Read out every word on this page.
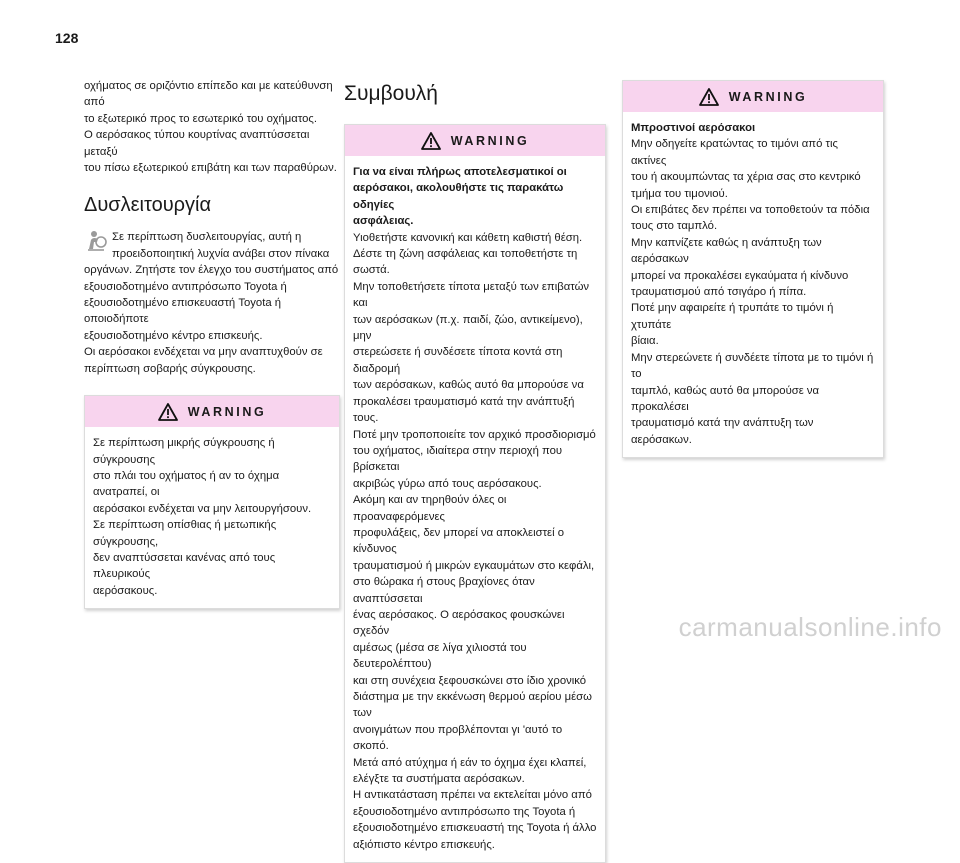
128

οχήματος σε οριζόντιο επίπεδο και με κατεύθυνση από
το εξωτερικό προς το εσωτερικό του οχήματος.
Ο αερόσακος τύπου κουρτίνας αναπτύσσεται μεταξύ
του πίσω εξωτερικού επιβάτη και των παραθύρων.

Δυσλειτουργία
Σε περίπτωση δυσλειτουργίας, αυτή η
προειδοποιητική λυχνία ανάβει στον πίνακα

οργάνων. Ζητήστε τον έλεγχο του συστήματος από
εξουσιοδοτημένο αντιπρόσωπο Toyota ή
εξουσιοδοτημένο επισκευαστή Toyota ή οποιοδήποτε
εξουσιοδοτημένο κέντρο επισκευής.
Οι αερόσακοι ενδέχεται να μην αναπτυχθούν σε
περίπτωση σοβαρής σύγκρουσης.

WARNING
Σε περίπτωση μικρής σύγκρουσης ή σύγκρουσης
στο πλάι του οχήματος ή αν το όχημα ανατραπεί, οι
αερόσακοι ενδέχεται να μην λειτουργήσουν.
Σε περίπτωση οπίσθιας ή μετωπικής σύγκρουσης,
δεν αναπτύσσεται κανένας από τους πλευρικούς
αερόσακους.
Συμβουλή
WARNING
Για να είναι πλήρως αποτελεσματικοί οι
αερόσακοι, ακολουθήστε τις παρακάτω οδηγίες
ασφάλειας.
Υιοθετήστε κανονική και κάθετη καθιστή θέση.
Δέστε τη ζώνη ασφάλειας και τοποθετήστε τη
σωστά.
Μην τοποθετήσετε τίποτα μεταξύ των επιβατών και
των αερόσακων (π.χ. παιδί, ζώο, αντικείμενο), μην
στερεώσετε ή συνδέσετε τίποτα κοντά στη διαδρομή
των αερόσακων, καθώς αυτό θα μπορούσε να
προκαλέσει τραυματισμό κατά την ανάπτυξή τους.
Ποτέ μην τροποποιείτε τον αρχικό προσδιορισμό
του οχήματος, ιδιαίτερα στην περιοχή που βρίσκεται
ακριβώς γύρω από τους αερόσακους.
Ακόμη και αν τηρηθούν όλες οι προαναφερόμενες
προφυλάξεις, δεν μπορεί να αποκλειστεί ο κίνδυνος
τραυματισμού ή μικρών εγκαυμάτων στο κεφάλι,
στο θώρακα ή στους βραχίονες όταν αναπτύσσεται
ένας αερόσακος. Ο αερόσακος φουσκώνει σχεδόν
αμέσως (μέσα σε λίγα χιλιοστά του δευτερολέπτου)
και στη συνέχεια ξεφουσκώνει στο ίδιο χρονικό
διάστημα με την εκκένωση θερμού αερίου μέσω των
ανοιγμάτων που προβλέπονται γι 'αυτό το σκοπό.
Μετά από ατύχημα ή εάν το όχημα έχει κλαπεί,
ελέγξτε τα συστήματα αερόσακων.
Η αντικατάσταση πρέπει να εκτελείται μόνο από
εξουσιοδοτημένο αντιπρόσωπο της Toyota ή
εξουσιοδοτημένο επισκευαστή της Toyota ή άλλο
αξιόπιστο κέντρο επισκευής.
WARNING
Μπροστινοί αερόσακοι
Μην οδηγείτε κρατώντας το τιμόνι από τις ακτίνες
του ή ακουμπώντας τα χέρια σας στο κεντρικό
τμήμα του τιμονιού.
Οι επιβάτες δεν πρέπει να τοποθετούν τα πόδια
τους στο ταμπλό.
Μην καπνίζετε καθώς η ανάπτυξη των αερόσακων
μπορεί να προκαλέσει εγκαύματα ή κίνδυνο
τραυματισμού από τσιγάρο ή πίπα.
Ποτέ μην αφαιρείτε ή τρυπάτε το τιμόνι ή χτυπάτε
βίαια.
Μην στερεώνετε ή συνδέετε τίποτα με το τιμόνι ή το
ταμπλό, καθώς αυτό θα μπορούσε να προκαλέσει
τραυματισμό κατά την ανάπτυξη των αερόσακων.
carmanualsonline.info
